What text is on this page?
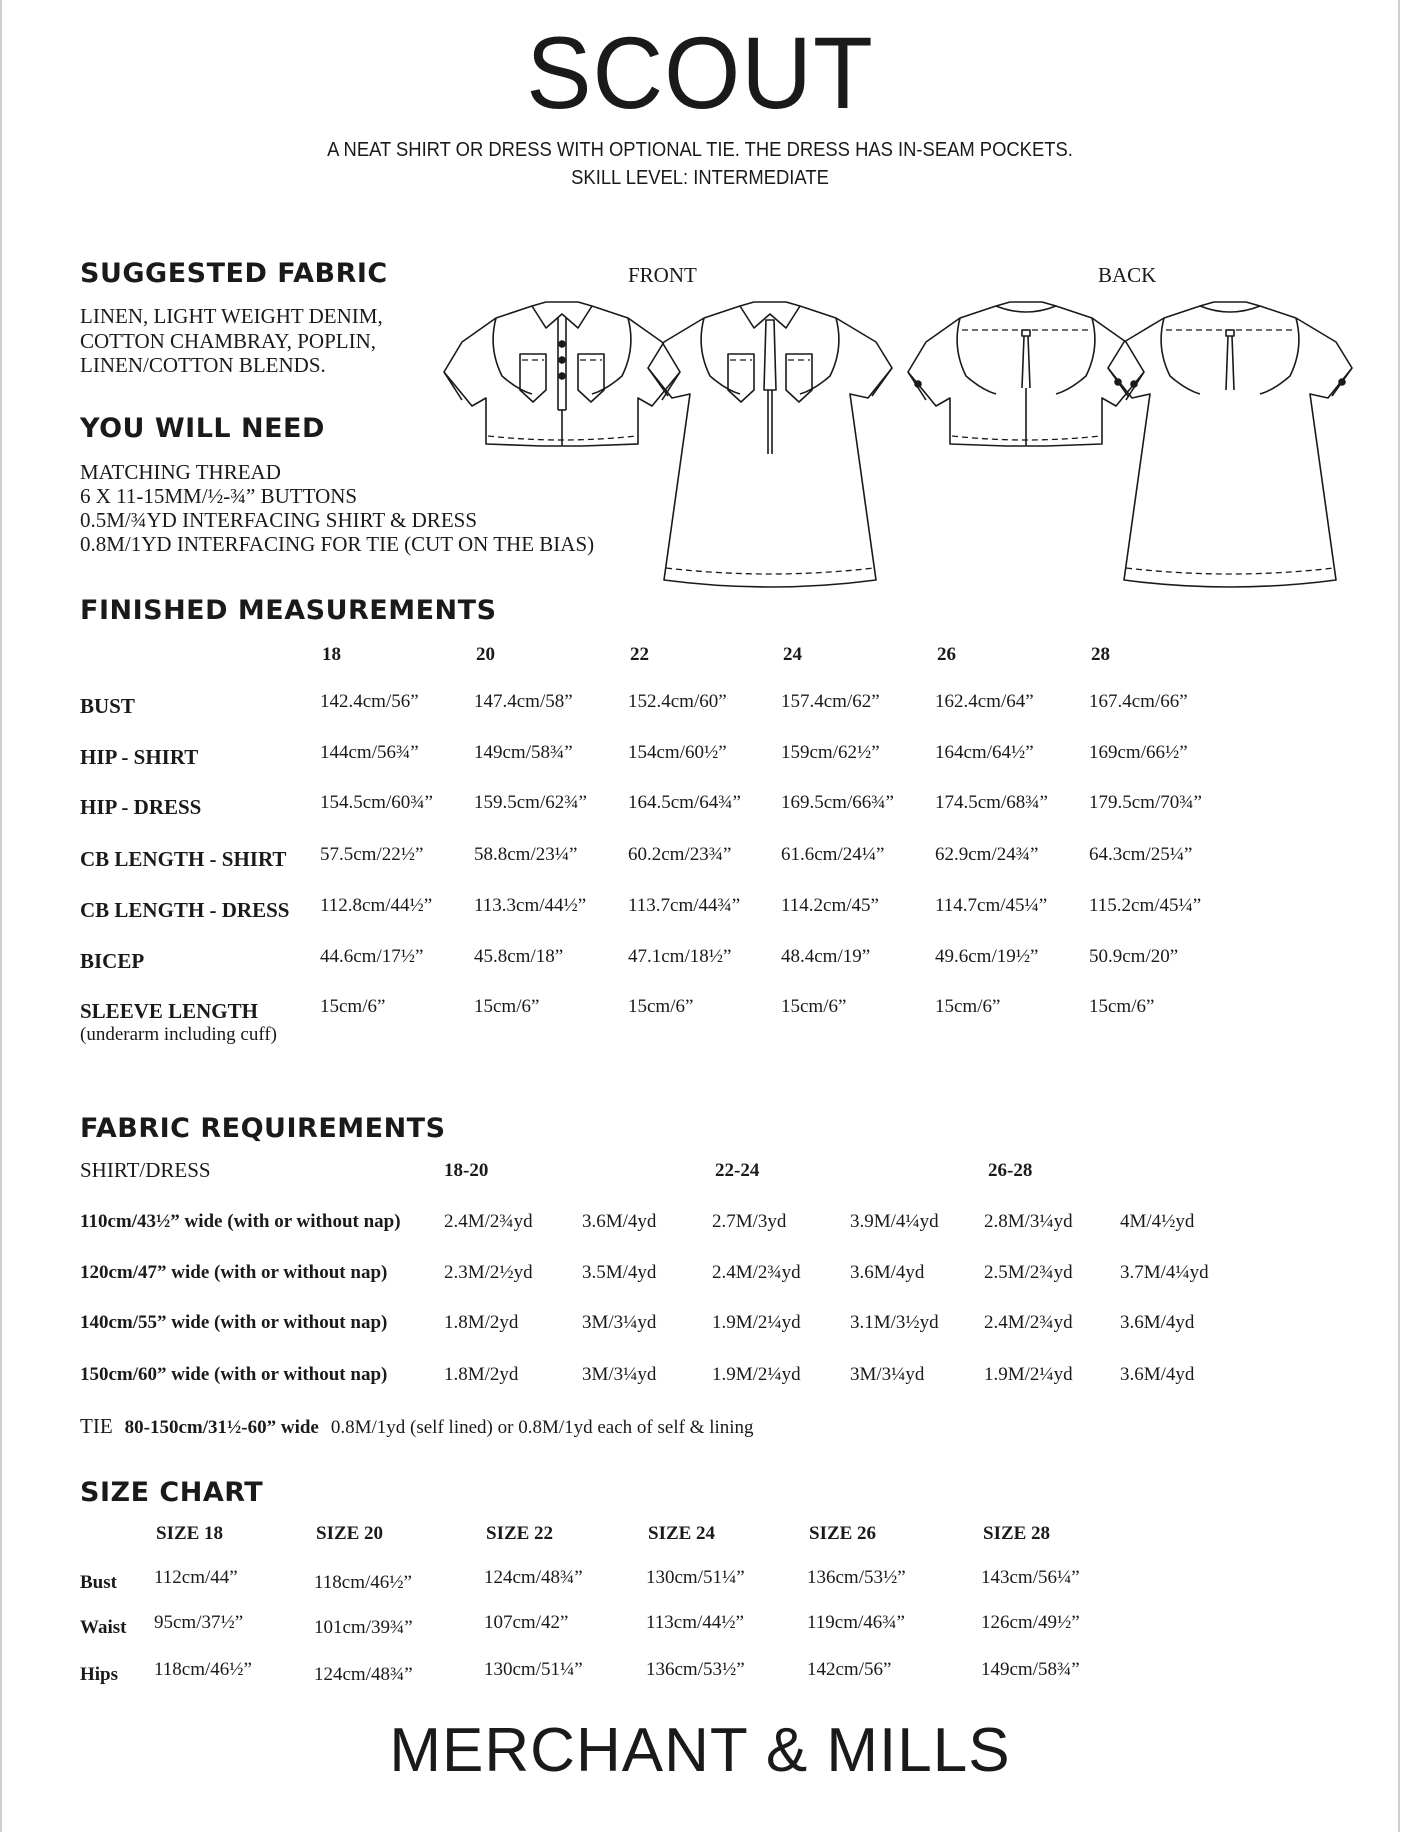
SCOUT
A NEAT SHIRT OR DRESS WITH OPTIONAL TIE. THE DRESS HAS IN-SEAM POCKETS.
SKILL LEVEL: INTERMEDIATE
SUGGESTED FABRIC
LINEN, LIGHT WEIGHT DENIM,
COTTON CHAMBRAY, POPLIN,
LINEN/COTTON BLENDS.
YOU WILL NEED
MATCHING THREAD
6 X 11-15MM/½-¾” BUTTONS
0.5M/¾YD INTERFACING SHIRT & DRESS
0.8M/1YD INTERFACING FOR TIE (CUT ON THE BIAS)
FRONT	BACK
FINISHED MEASUREMENTS
FABRIC REQUIREMENTS
SHIRT/DRESS
TIE 80-150cm/31½-60” wide 0.8M/1yd (self lined) or 0.8M/1yd each of self & lining
SIZE CHART
MERCHANT & MILLS
18	20	22	24	26	28
BUST	142.4cm/56”	147.4cm/58”	152.4cm/60”	157.4cm/62”	162.4cm/64”	167.4cm/66”
HIP - SHIRT	144cm/56¾”	149cm/58¾”	154cm/60½”	159cm/62½”	164cm/64½”	169cm/66½”
HIP - DRESS	154.5cm/60¾” 159.5cm/62¾” 164.5cm/64¾” 169.5cm/66¾” 174.5cm/68¾” 179.5cm/70¾”
CB LENGTH - SHIRT 57.5cm/22½”	58.8cm/23¼”	60.2cm/23¾”	61.6cm/24¼”	62.9cm/24¾”	64.3cm/25¼”
CB LENGTH - DRESS 112.8cm/44½” 113.3cm/44½” 113.7cm/44¾” 114.2cm/45”	114.7cm/45¼” 115.2cm/45¼”
BICEP	44.6cm/17½”	45.8cm/18”	47.1cm/18½”	48.4cm/19”	49.6cm/19½”	50.9cm/20”
SLEEVE LENGTH
(underarm including cuff)
15cm/6”	15cm/6”	15cm/6”	15cm/6”	15cm/6”	15cm/6”
18-20	22-24	26-28
110cm/43½” wide (with or without nap) 2.4M/2¾yd	3.6M/4yd	2.7M/3yd	3.9M/4¼yd 2.8M/3¼yd 4M/4½yd
120cm/47” wide (with or without nap)	2.3M/2½yd	3.5M/4yd	2.4M/2¾yd	3.6M/4yd	2.5M/2¾yd 3.7M/4¼yd
140cm/55” wide (with or without nap)	1.8M/2yd	3M/3¼yd	1.9M/2¼yd	3.1M/3½yd 2.4M/2¾yd 3.6M/4yd
150cm/60” wide (with or without nap)	1.8M/2yd	3M/3¼yd	1.9M/2¼yd	3M/3¼yd	1.9M/2¼yd 3.6M/4yd
SIZE 18	SIZE 20	SIZE 22	SIZE 24	SIZE 26	SIZE 28
Bust 112cm/44”	118cm/46½”	124cm/48¾”	130cm/51¼”	136cm/53½”	143cm/56¼”
Waist 95cm/37½”	101cm/39¾”	107cm/42”	113cm/44½”	119cm/46¾”	126cm/49½”
Hips 118cm/46½”	124cm/48¾”	130cm/51¼”	136cm/53½”	142cm/56”	149cm/58¾”
